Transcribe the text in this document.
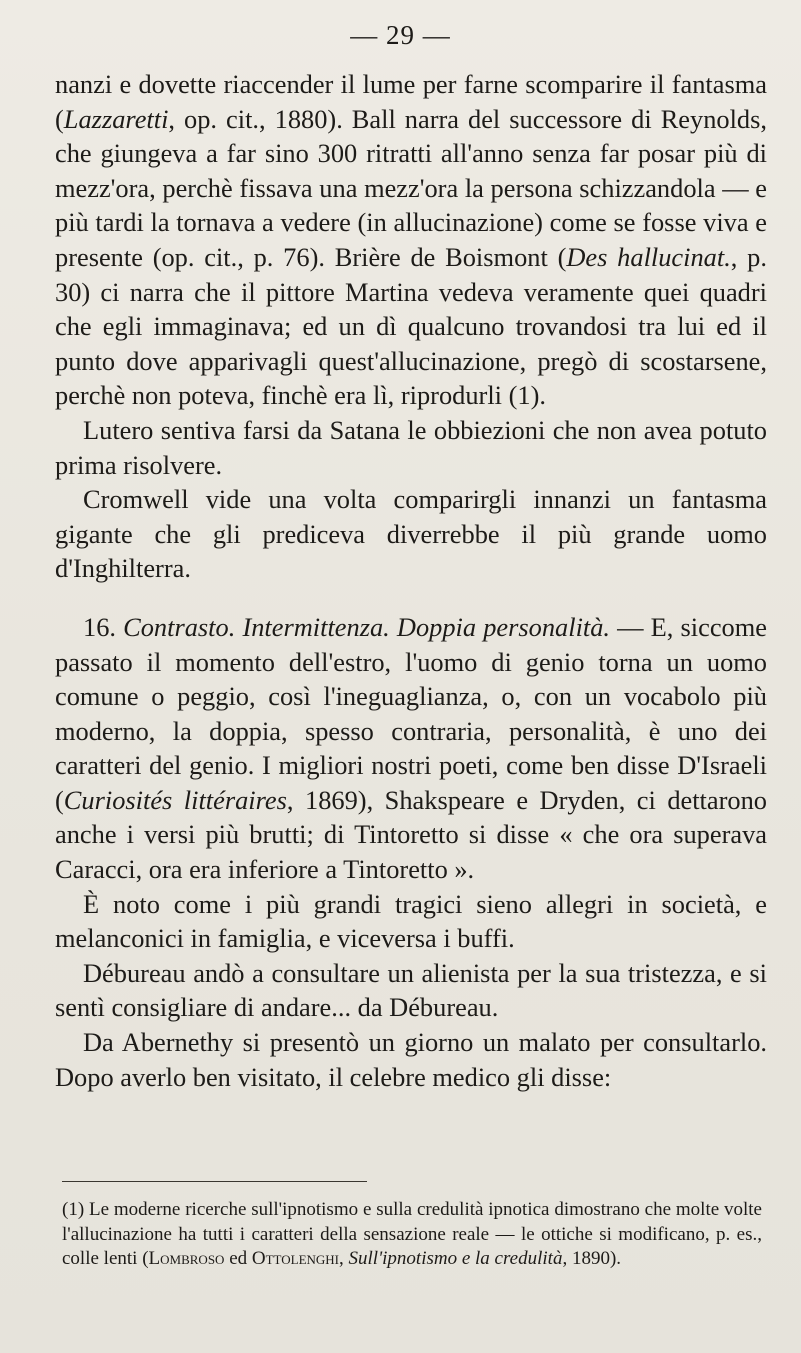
— 29 —

nanzi e dovette riaccender il lume per farne scomparire il fantasma (Lazzaretti, op. cit., 1880). Ball narra del successore di Reynolds, che giungeva a far sino 300 ritratti all'anno senza far posar più di mezz'ora, perchè fissava una mezz'ora la persona schizzandola — e più tardi la tornava a vedere (in allucinazione) come se fosse viva e presente (op. cit., p. 76). Brière de Boismont (Des hallucinat., p. 30) ci narra che il pittore Martina vedeva veramente quei quadri che egli immaginava; ed un dì qualcuno trovandosi tra lui ed il punto dove apparivagli quest'allucinazione, pregò di scostarsene, perchè non poteva, finchè era lì, riprodurli (1).

Lutero sentiva farsi da Satana le obbiezioni che non avea potuto prima risolvere.

Cromwell vide una volta comparirgli innanzi un fantasma gigante che gli prediceva diverrebbe il più grande uomo d'Inghilterra.

16. Contrasto. Intermittenza. Doppia personalità. — E, siccome passato il momento dell'estro, l'uomo di genio torna un uomo comune o peggio, così l'ineguaglianza, o, con un vocabolo più moderno, la doppia, spesso contraria, personalità, è uno dei caratteri del genio. I migliori nostri poeti, come ben disse D'Israeli (Curiosités littéraires, 1869), Shakspeare e Dryden, ci dettarono anche i versi più brutti; di Tintoretto si disse « che ora superava Caracci, ora era inferiore a Tintoretto ».

È noto come i più grandi tragici sieno allegri in società, e melanconici in famiglia, e viceversa i buffi.

Débureau andò a consultare un alienista per la sua tristezza, e si sentì consigliare di andare... da Débureau.

Da Abernethy si presentò un giorno un malato per consultarlo. Dopo averlo ben visitato, il celebre medico gli disse:

(1) Le moderne ricerche sull'ipnotismo e sulla credulità ipnotica dimostrano che molte volte l'allucinazione ha tutti i caratteri della sensazione reale — le ottiche si modificano, p. es., colle lenti (Lombroso ed Ottolenghi, Sull'ipnotismo e la credulità, 1890).
